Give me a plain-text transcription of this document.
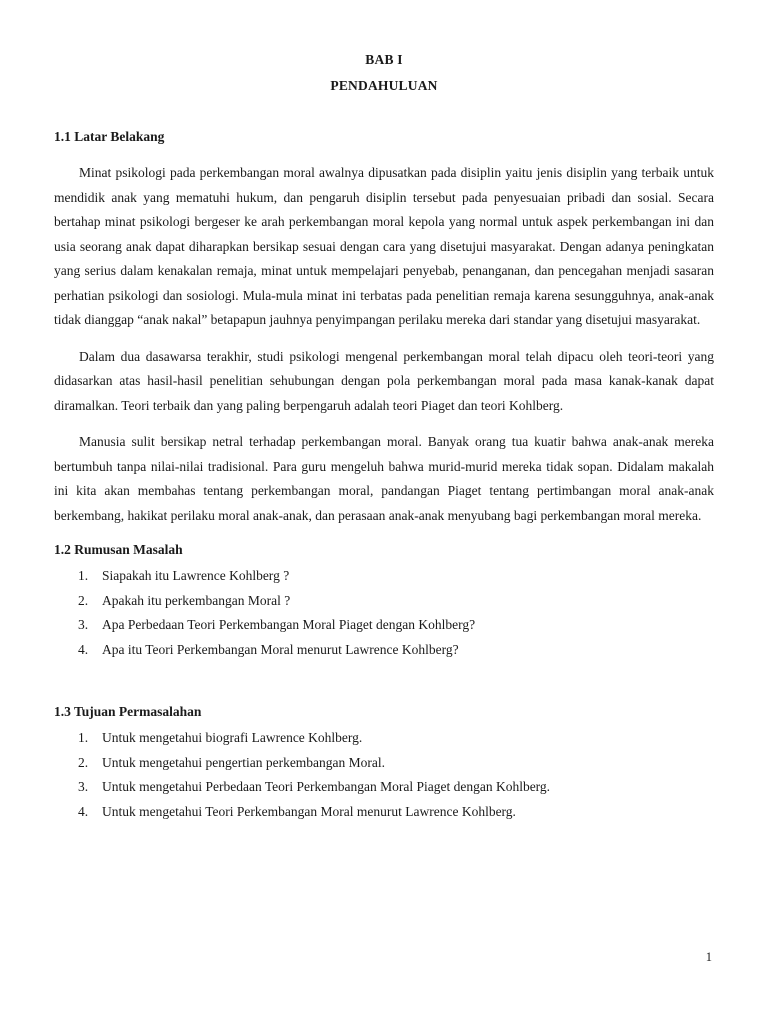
BAB I
PENDAHULUAN
1.1 Latar Belakang

Minat psikologi pada perkembangan moral awalnya dipusatkan pada disiplin yaitu jenis disiplin yang terbaik untuk mendidik anak yang mematuhi hukum, dan pengaruh disiplin tersebut pada penyesuaian pribadi dan sosial. Secara bertahap minat psikologi bergeser ke arah perkembangan moral kepola yang normal untuk aspek perkembangan ini dan usia seorang anak dapat diharapkan bersikap sesuai dengan cara yang disetujui masyarakat. Dengan adanya peningkatan yang serius dalam kenakalan remaja, minat untuk mempelajari penyebab, penanganan, dan pencegahan menjadi sasaran perhatian psikologi dan sosiologi. Mula-mula minat ini terbatas pada penelitian remaja karena sesungguhnya, anak-anak tidak dianggap “anak nakal” betapapun jauhnya penyimpangan perilaku mereka dari standar yang disetujui masyarakat.

Dalam dua dasawarsa terakhir, studi psikologi mengenal perkembangan moral telah dipacu oleh teori-teori yang didasarkan atas hasil-hasil penelitian sehubungan dengan pola perkembangan moral pada masa kanak-kanak dapat diramalkan. Teori terbaik dan yang paling berpengaruh adalah teori Piaget dan teori Kohlberg.

Manusia sulit bersikap netral terhadap perkembangan moral. Banyak orang tua kuatir bahwa anak-anak mereka bertumbuh tanpa nilai-nilai tradisional. Para guru mengeluh bahwa murid-murid mereka tidak sopan. Didalam makalah ini kita akan membahas tentang perkembangan moral, pandangan Piaget tentang pertimbangan moral anak-anak berkembang, hakikat perilaku moral anak-anak, dan perasaan anak-anak menyubang bagi perkembangan moral mereka.

1.2 Rumusan Masalah
1. Siapakah itu Lawrence Kohlberg ?
2. Apakah itu perkembangan Moral ?
3. Apa Perbedaan Teori Perkembangan Moral Piaget dengan Kohlberg?
4. Apa itu Teori Perkembangan Moral menurut Lawrence Kohlberg?
1.3 Tujuan Permasalahan
1. Untuk mengetahui biografi Lawrence Kohlberg.
2. Untuk mengetahui pengertian perkembangan Moral.
3. Untuk mengetahui Perbedaan Teori Perkembangan Moral Piaget dengan Kohlberg.
4. Untuk mengetahui Teori Perkembangan Moral menurut Lawrence Kohlberg.
1
